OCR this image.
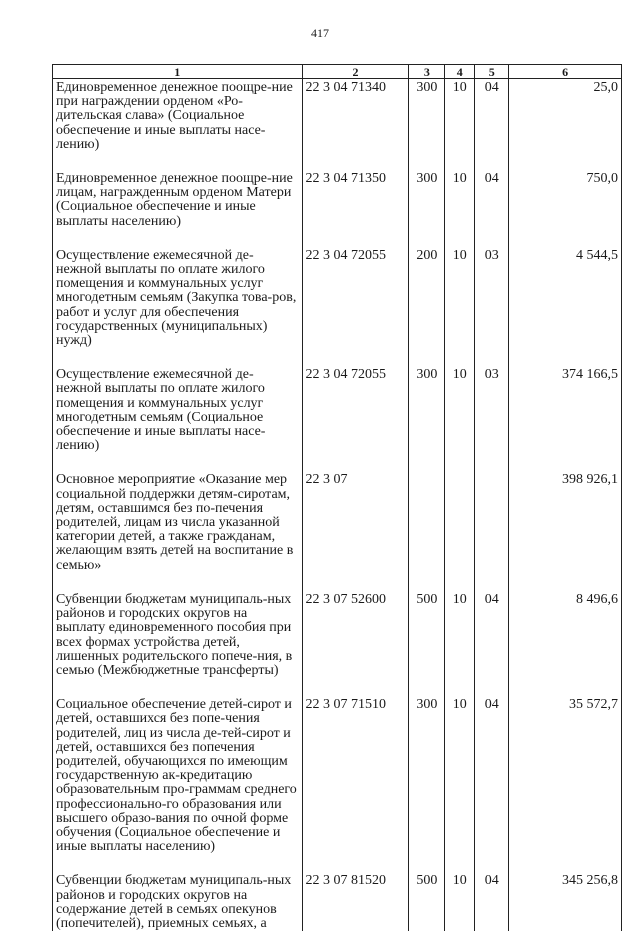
417
1	2	3	4	5	6
Единовременное денежное поощре-ние при награждении орденом «Ро-дительская слава» (Социальное обеспечение и иные выплаты насе-лению)	22 3 04 71340	300	10	04	25,0
Единовременное денежное поощре-ние лицам, награжденным орденом Матери (Социальное обеспечение и иные выплаты населению)	22 3 04 71350	300	10	04	750,0
Осуществление ежемесячной де-нежной выплаты по оплате жилого помещения и коммунальных услуг многодетным семьям (Закупка това-ров, работ и услуг для обеспечения государственных (муниципальных) нужд)	22 3 04 72055	200	10	03	4 544,5
Осуществление ежемесячной де-нежной выплаты по оплате жилого помещения и коммунальных услуг многодетным семьям (Социальное обеспечение и иные выплаты насе-лению)	22 3 04 72055	300	10	03	374 166,5
Основное мероприятие «Оказание мер социальной поддержки детям-сиротам, детям, оставшимся без по-печения родителей, лицам из числа указанной категории детей, а также гражданам, желающим взять детей на воспитание в семью»	22 3 07				398 926,1
Субвенции бюджетам муниципаль-ных районов и городских округов на выплату единовременного пособия при всех формах устройства детей, лишенных родительского попече-ния, в семью (Межбюджетные трансферты)	22 3 07 52600	500	10	04	8 496,6
Социальное обеспечение детей-сирот и детей, оставшихся без попе-чения родителей, лиц из числа де-тей-сирот и детей, оставшихся без попечения родителей, обучающихся по имеющим государственную ак-кредитацию образовательным про-граммам среднего профессионально-го образования или высшего образо-вания по очной форме обучения (Социальное обеспечение и иные выплаты населению)	22 3 07 71510	300	10	04	35 572,7
Субвенции бюджетам муниципаль-ных районов и городских округов на содержание детей в семьях опекунов (попечителей), приемных семьях, а	22 3 07 81520	500	10	04	345 256,8
